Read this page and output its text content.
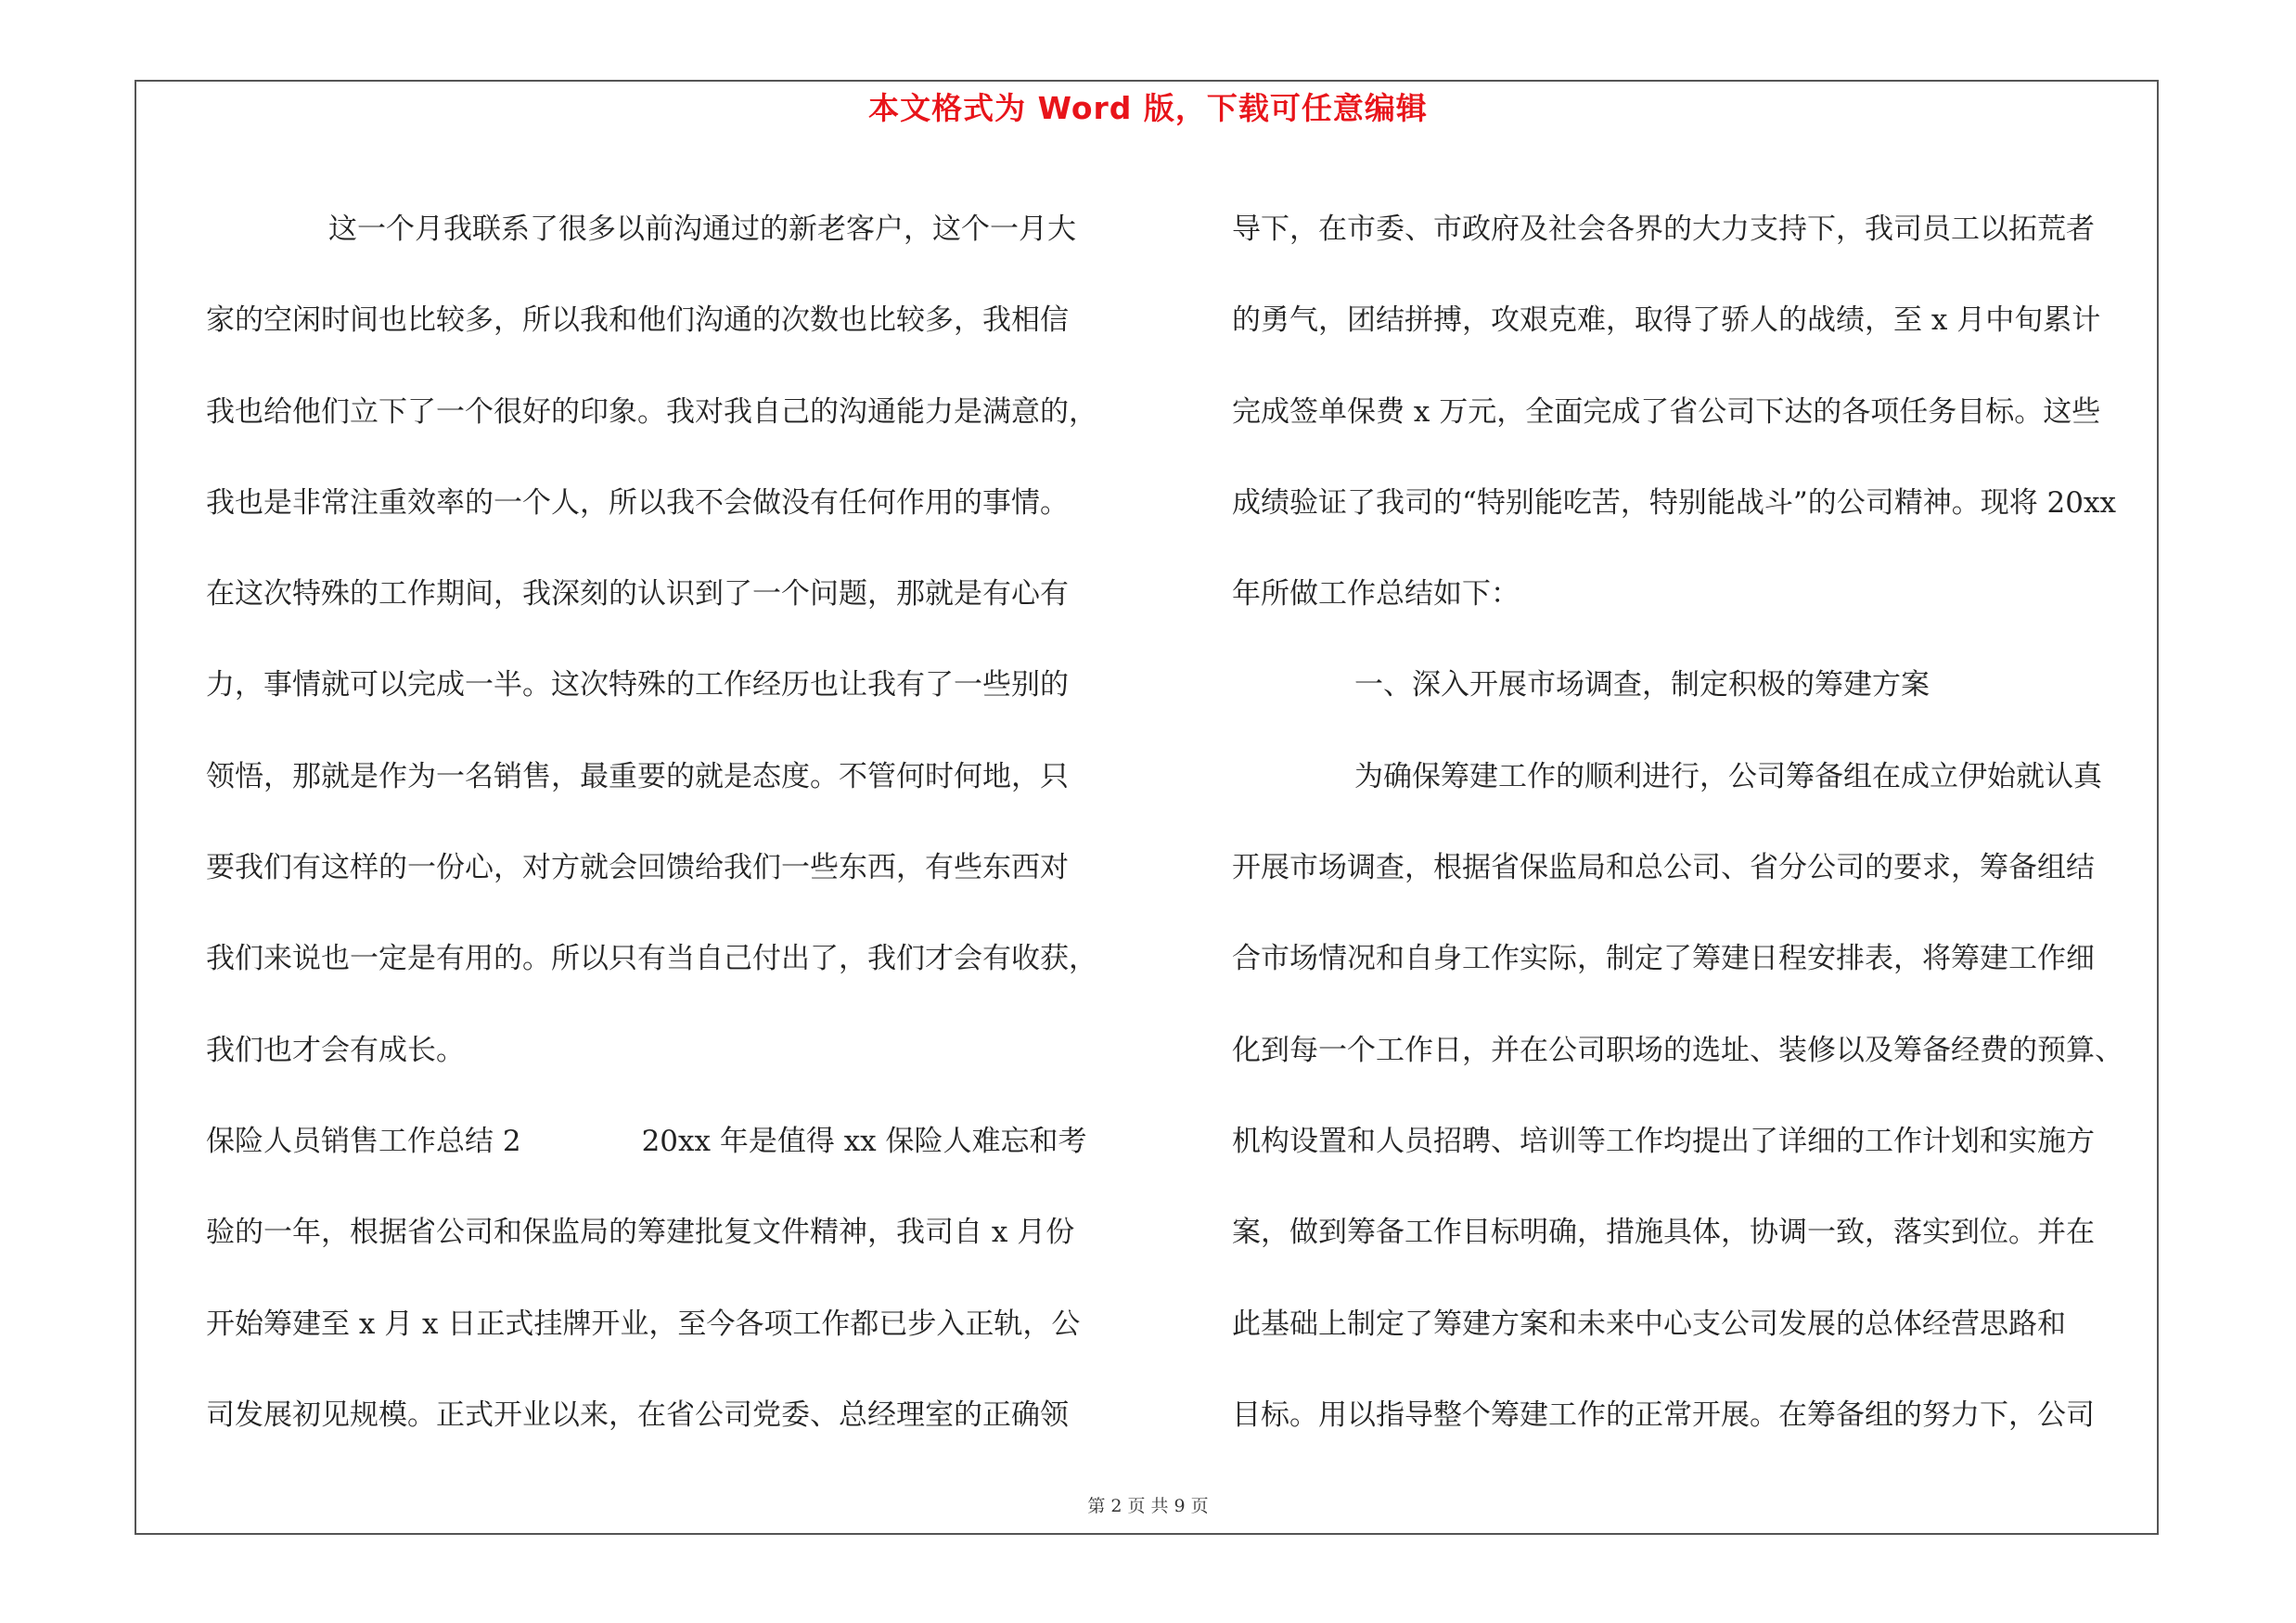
本文格式为 Word 版，下载可任意编辑
这一个月我联系了很多以前沟通过的新老客户，这个一月大
家的空闲时间也比较多，所以我和他们沟通的次数也比较多，我相信
我也给他们立下了一个很好的印象。我对我自己的沟通能力是满意的，
我也是非常注重效率的一个人，所以我不会做没有任何作用的事情。
在这次特殊的工作期间，我深刻的认识到了一个问题，那就是有心有
力，事情就可以完成一半。这次特殊的工作经历也让我有了一些别的
领悟，那就是作为一名销售，最重要的就是态度。不管何时何地，只
要我们有这样的一份心，对方就会回馈给我们一些东西，有些东西对
我们来说也一定是有用的。所以只有当自己付出了，我们才会有收获，
我们也才会有成长。
保险人员销售工作总结 2	20xx 年是值得 xx 保险人难忘和考
验的一年，根据省公司和保监局的筹建批复文件精神，我司自 x 月份
开始筹建至 x 月 x 日正式挂牌开业，至今各项工作都已步入正轨，公
司发展初见规模。正式开业以来，在省公司党委、总经理室的正确领
导下，在市委、市政府及社会各界的大力支持下，我司员工以拓荒者
的勇气，团结拼搏，攻艰克难，取得了骄人的战绩，至 x 月中旬累计
完成签单保费 x 万元，全面完成了省公司下达的各项任务目标。这些
成绩验证了我司的“特别能吃苦，特别能战斗”的公司精神。现将 20xx
年所做工作总结如下：
一、深入开展市场调查，制定积极的筹建方案
为确保筹建工作的顺利进行，公司筹备组在成立伊始就认真
开展市场调查，根据省保监局和总公司、省分公司的要求，筹备组结
合市场情况和自身工作实际，制定了筹建日程安排表，将筹建工作细
化到每一个工作日，并在公司职场的选址、装修以及筹备经费的预算、
机构设置和人员招聘、培训等工作均提出了详细的工作计划和实施方
案，做到筹备工作目标明确，措施具体，协调一致，落实到位。并在
此基础上制定了筹建方案和未来中心支公司发展的总体经营思路和
目标。用以指导整个筹建工作的正常开展。在筹备组的努力下，公司
第 2 页 共 9 页
